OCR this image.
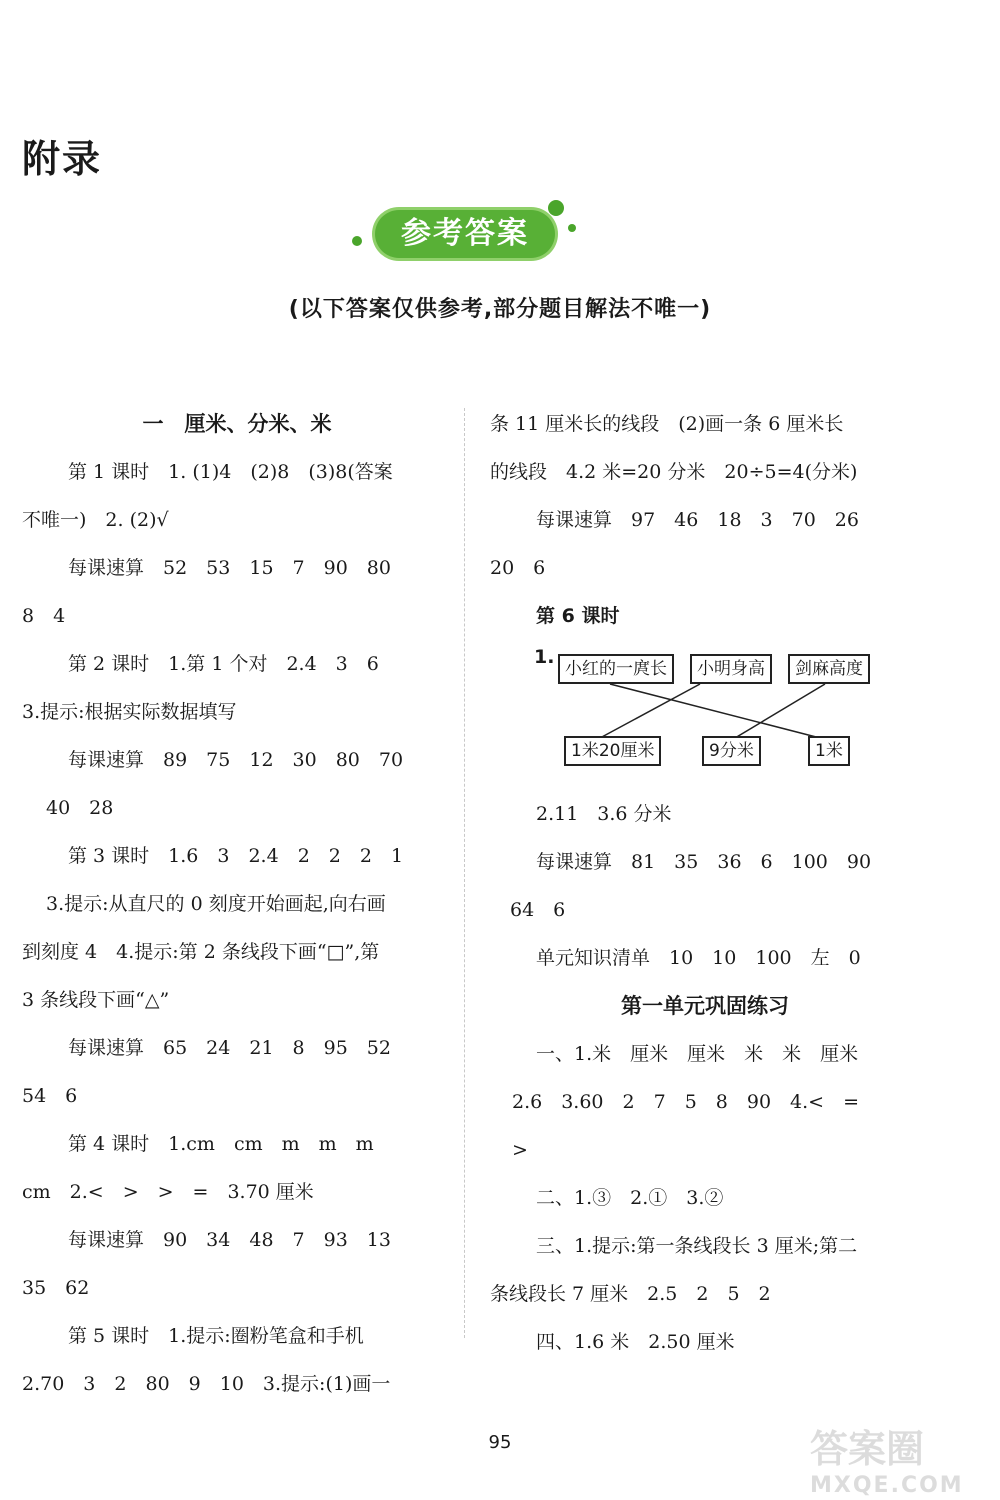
附录
参考答案
(以下答案仅供参考,部分题目解法不唯一)
一　厘米、分米、米
第 1 课时　1. (1)4　(2)8　(3)8(答案
不唯一)　2. (2)√
每课速算　52　53　15　7　90　80
8　4
第 2 课时　1.第 1 个对　2.4　3　6
3.提示:根据实际数据填写
每课速算　89　75　12　30　80　70
40　28
第 3 课时　1.6　3　2.4　2　2　2　1
3.提示:从直尺的 0 刻度开始画起,向右画
到刻度 4　4.提示:第 2 条线段下画“□”,第
3 条线段下画“△”
每课速算　65　24　21　8　95　52
54　6
第 4 课时　1.cm　cm　m　m　m
cm　2.<　>　>　=　3.70 厘米
每课速算　90　34　48　7　93　13
35　62
第 5 课时　1.提示:圈粉笔盒和手机
2.70　3　2　80　9　10　3.提示:(1)画一
条 11 厘米长的线段　(2)画一条 6 厘米长
的线段　4.2 米=20 分米　20÷5=4(分米)
每课速算　97　46　18　3　70　26
20　6
第 6 课时
1.
小红的一庹长	小明身高	剑麻高度
1米20厘米	9分米	1米
2.11　3.6 分米
每课速算　81　35　36　6　100　90
64　6
单元知识清单　10　10　100　左　0
第一单元巩固练习
一、1.米　厘米　厘米　米　米　厘米
2.6　3.60　2　7　5　8　90　4.<　=
>
二、1.③　2.①　3.②
三、1.提示:第一条线段长 3 厘米;第二
条线段长 7 厘米　2.5　2　5　2
四、1.6 米　2.50 厘米
95	答案圈
MXQE.COM
